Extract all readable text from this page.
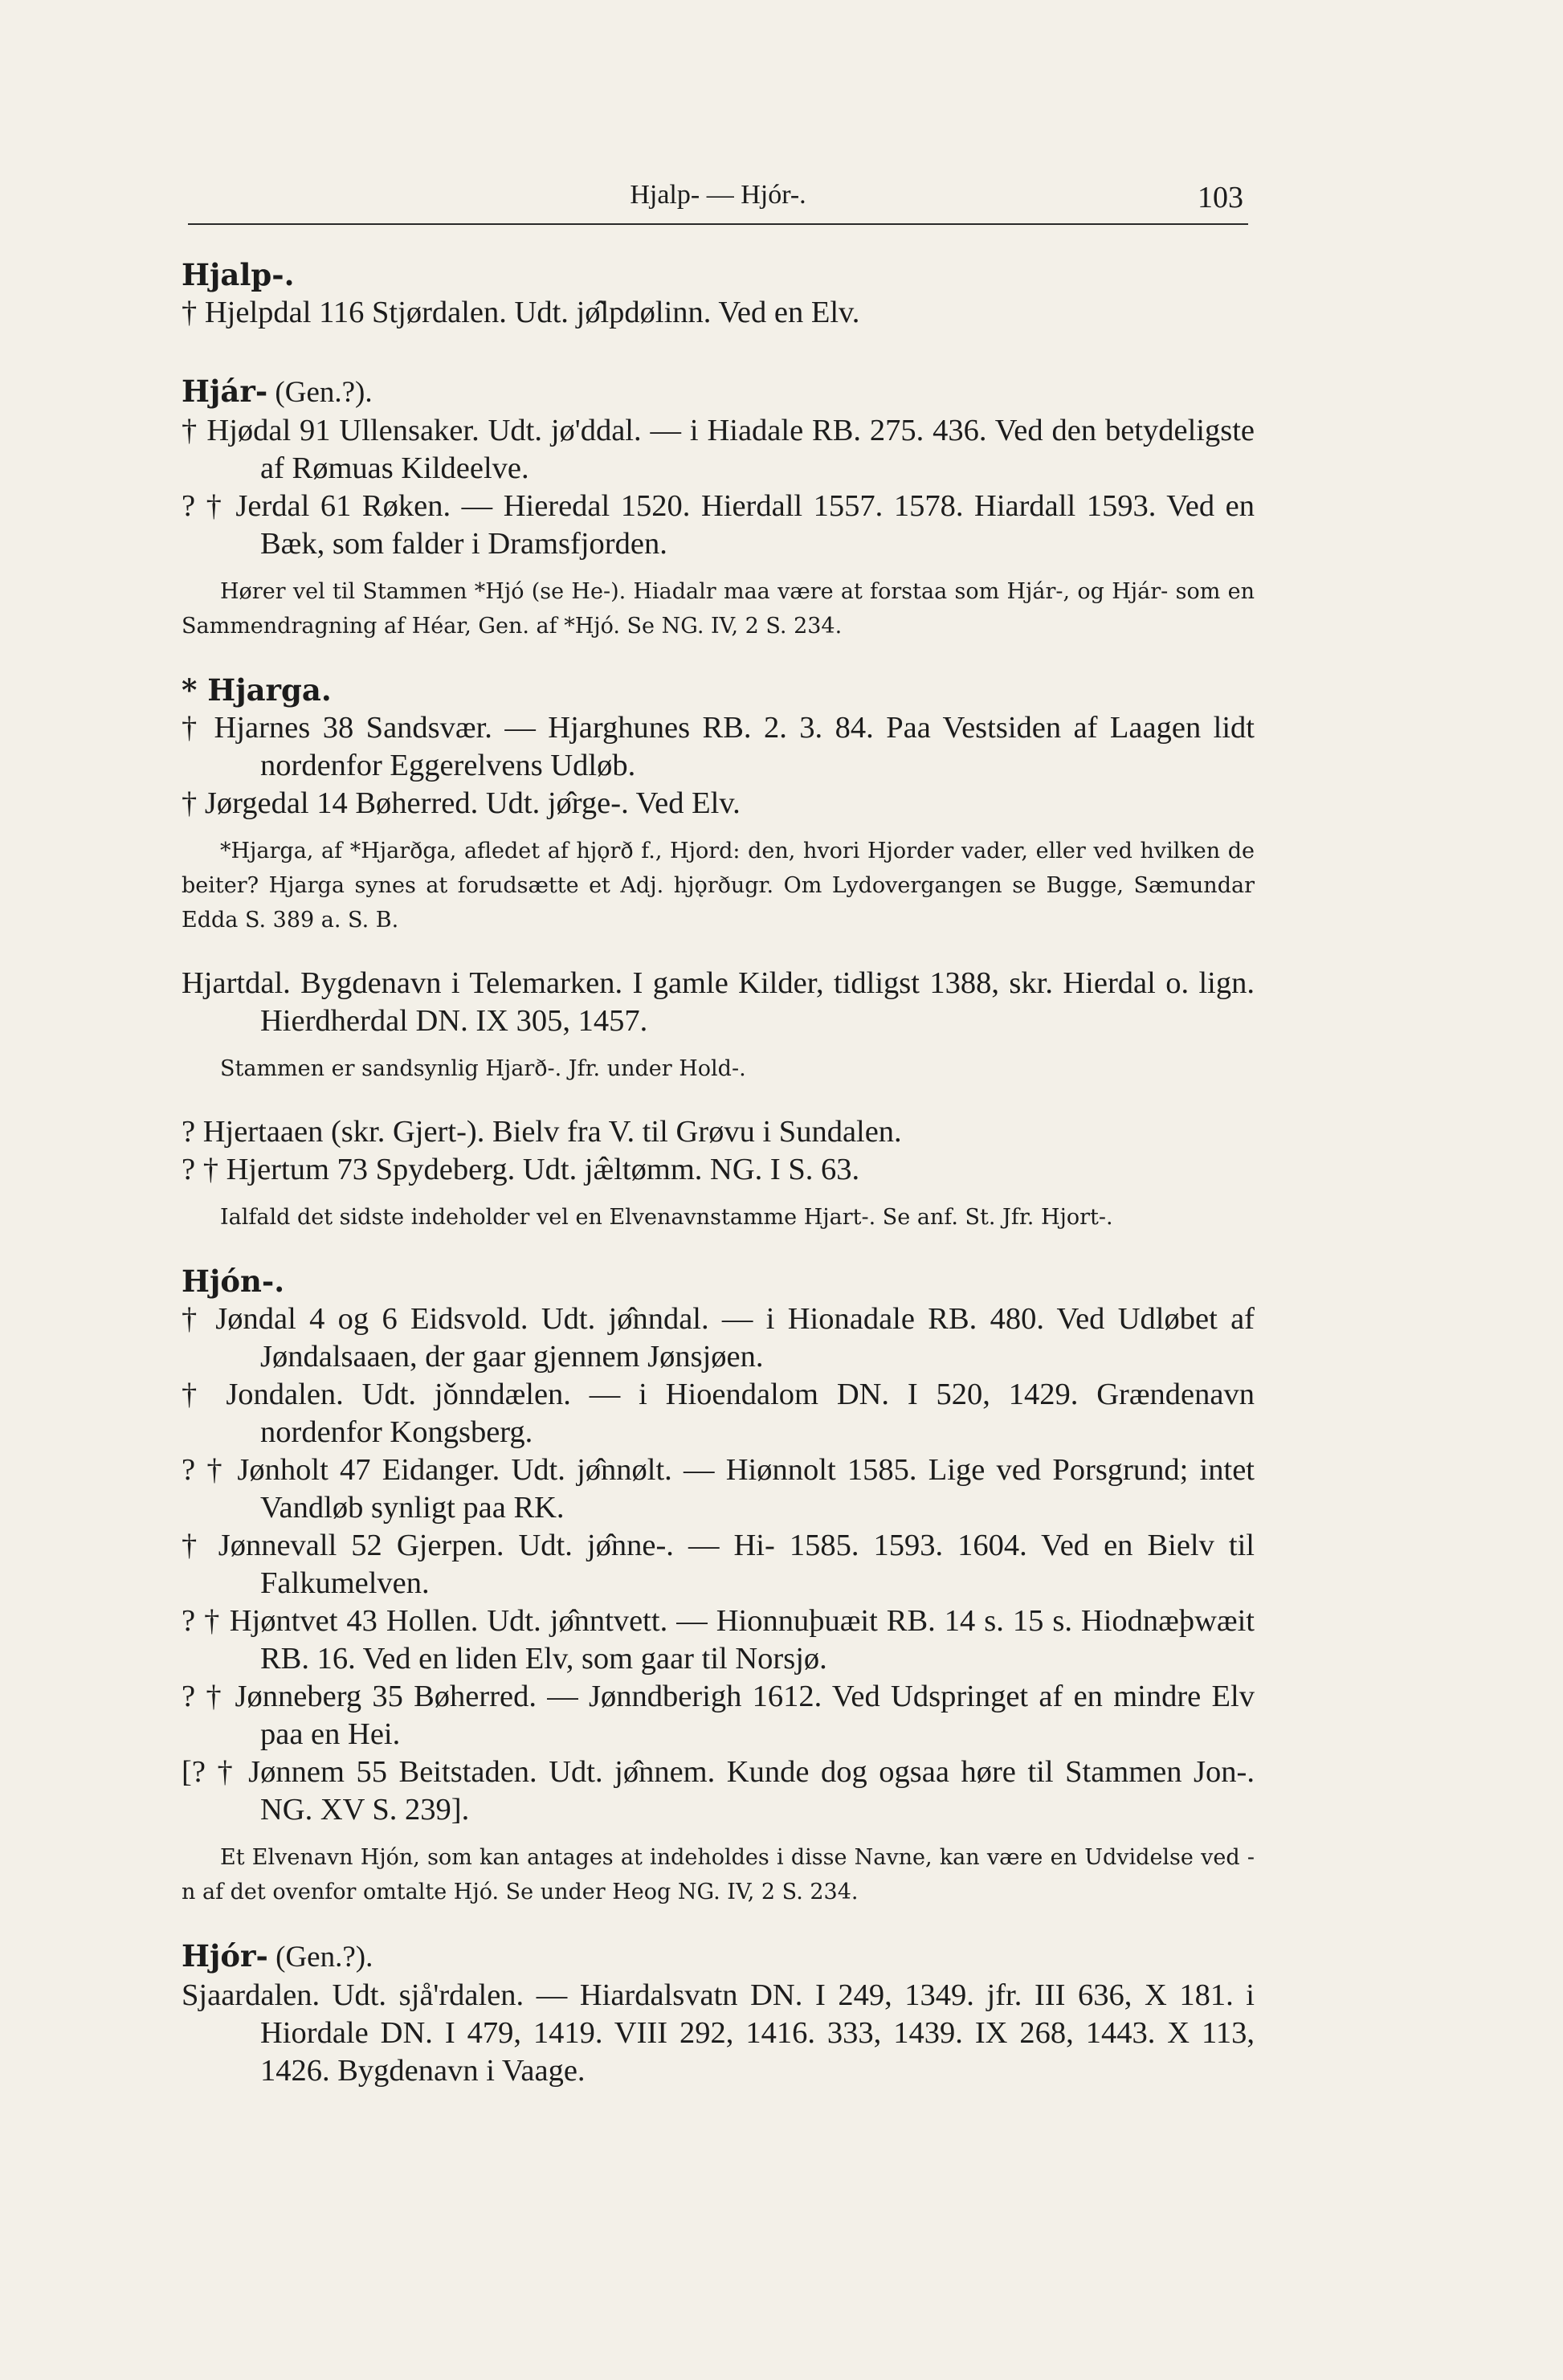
Hjalp- — Hjór-.	103

Hjalp-.

† Hjelpdal 116 Stjørdalen. Udt. jø̂lpdølinn. Ved en Elv.

Hjár- (Gen.?).

† Hjødal 91 Ullensaker. Udt. jø'ddal. — i Hiadale RB. 275. 436. Ved den betydeligste af Rømuas Kildeelve.

? † Jerdal 61 Røken. — Hieredal 1520. Hierdall 1557. 1578. Hiardall 1593. Ved en Bæk, som falder i Dramsfjorden.

Hører vel til Stammen *Hjó (se He-). Hiadalr maa være at forstaa som Hjár-, og Hjár- som en Sammendragning af Héar, Gen. af *Hjó. Se NG. IV, 2 S. 234.

* Hjarga.

† Hjarnes 38 Sandsvær. — Hjarghunes RB. 2. 3. 84. Paa Vestsiden af Laagen lidt nordenfor Eggerelvens Udløb.

† Jørgedal 14 Bøherred. Udt. jø̂rge-. Ved Elv.

*Hjarga, af *Hjarðga, afledet af hjǫrð f., Hjord: den, hvori Hjorder vader, eller ved hvilken de beiter? Hjarga synes at forudsætte et Adj. hjǫrðugr. Om Lydovergangen se Bugge, Sæmundar Edda S. 389 a. S. B.

Hjartdal. Bygdenavn i Telemarken. I gamle Kilder, tidligst 1388, skr. Hierdal o. lign. Hierdherdal DN. IX 305, 1457.

Stammen er sandsynlig Hjarð-. Jfr. under Hold-.

? Hjertaaen (skr. Gjert-). Bielv fra V. til Grøvu i Sundalen.

? † Hjertum 73 Spydeberg. Udt. jæ̂ltømm. NG. I S. 63.

Ialfald det sidste indeholder vel en Elvenavnstamme Hjart-. Se anf. St. Jfr. Hjort-.

Hjón-.

† Jøndal 4 og 6 Eidsvold. Udt. jø̂nndal. — i Hionadale RB. 480. Ved Udløbet af Jøndalsaaen, der gaar gjennem Jønsjøen.

† Jondalen. Udt. jǒnndælen. — i Hioendalom DN. I 520, 1429. Grændenavn nordenfor Kongsberg.

? † Jønholt 47 Eidanger. Udt. jø̂nnølt. — Hiønnolt 1585. Lige ved Porsgrund; intet Vandløb synligt paa RK.

† Jønnevall 52 Gjerpen. Udt. jø̂nne-. — Hi- 1585. 1593. 1604. Ved en Bielv til Falkumelven.

? † Hjøntvet 43 Hollen. Udt. jø̂nntvett. — Hionnuþuæit RB. 14 s. 15 s. Hiodnæþwæit RB. 16. Ved en liden Elv, som gaar til Norsjø.

? † Jønneberg 35 Bøherred. — Jønndberigh 1612. Ved Udspringet af en mindre Elv paa en Hei.

[? † Jønnem 55 Beitstaden. Udt. jø̂nnem. Kunde dog ogsaa høre til Stammen Jon-. NG. XV S. 239].

Et Elvenavn Hjón, som kan antages at indeholdes i disse Navne, kan være en Udvidelse ved -n af det ovenfor omtalte Hjó. Se under Heog NG. IV, 2 S. 234.

Hjór- (Gen.?).

Sjaardalen. Udt. sjå'rdalen. — Hiardalsvatn DN. I 249, 1349. jfr. III 636, X 181. i Hiordale DN. I 479, 1419. VIII 292, 1416. 333, 1439. IX 268, 1443. X 113, 1426. Bygdenavn i Vaage.
